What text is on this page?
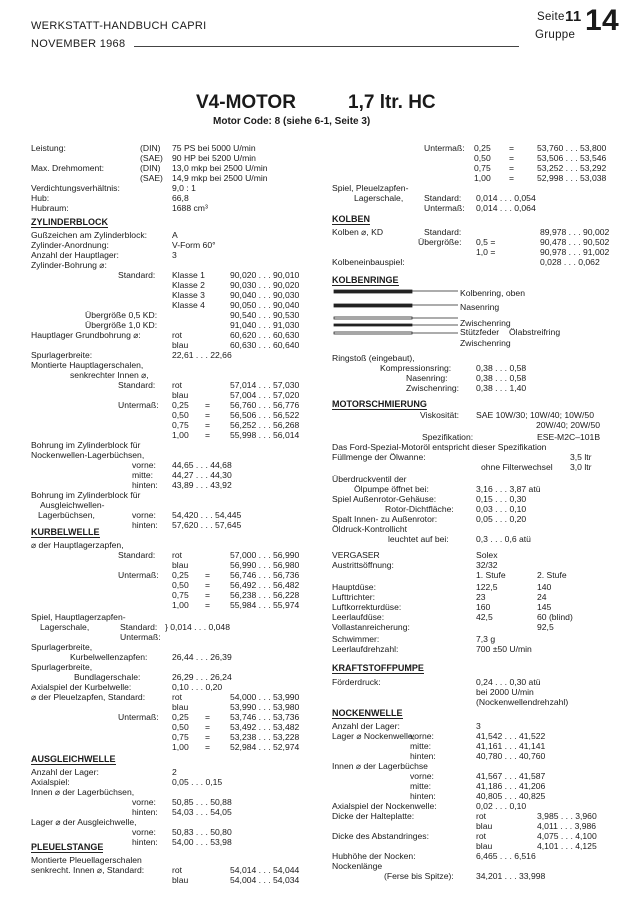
WERKSTATT-HANDBUCH CAPRI
NOVEMBER 1968
Seite 11
Gruppe 14
V4-MOTOR	1,7 ltr. HC
Motor Code: 8 (siehe 6-1, Seite 3)
Leistung:	(DIN) 75 PS bei 5000 U/min
(SAE) 90 HP bei 5200 U/min
Max. Drehmoment:	(DIN) 13,0 mkp bei 2500 U/min
(SAE) 14,9 mkp bei 2500 U/min
Verdichtungsverhältnis:	9,0 : 1
Hub:	66,8
Hubraum:	1688 cm³
Gußzeichen am Zylinderblock:	A
Zylinder-Anordnung:	V-Form 60°
Anzahl der Hauptlager:	3
Zylinder-Bohrung ⌀:
Standard: Klasse 1	90,020 . . . 90,010
Klasse 2	90,030 . . . 90,020
Klasse 3	90,040 . . . 90,030
Klasse 4	90,050 . . . 90,040
Übergröße 0,5 KD:	90,540 . . . 90,530
Übergröße 1,0 KD:	91,040 . . . 91,030
Hauptlager Grundbohrung ⌀:	rot	60,620 . . . 60,630
blau	60,630 . . . 60,640
Spurlagerbreite:	22,61 . . . 22,66
Montierte Hauptlagerschalen,
senkrechter Innen ⌀,
Standard: rot	57,014 . . . 57,030
blau	57,004 . . . 57,020
Untermaß: 0,25 = 56,760 . . . 56,776
0,50 = 56,506 . . . 56,522
0,75 = 56,252 . . . 56,268
1,00 = 55,998 . . . 56,014
Bohrung im Zylinderblock für
Nockenwellen-Lagerbüchsen,
vorne: 44,65 . . . 44,68
mitte: 44,27 . . . 44,30
hinten: 43,89 . . . 43,92
Bohrung im Zylinderblock für
Ausgleichwellen-
Lagerbüchsen,	vorne: 54,420 . . . 54,445
hinten: 57,620 . . . 57,645
⌀ der Hauptlagerzapfen,
Standard: rot	57,000 . . . 56,990
blau	56,990 . . . 56,980
Untermaß: 0,25 = 56,746 . . . 56,736
0,50 = 56,492 . . . 56,482
0,75 = 56,238 . . . 56,228
1,00 = 55,984 . . . 55,974
Spiel, Hauptlagerzapfen-
Lagerschale,	Standard: } 0,014 . . . 0,048
Untermaß:
Spurlagerbreite,
Kurbelwellenzapfen:	26,44 . . . 26,39
Spurlagerbreite,
Bundlagerschale:	26,29 . . . 26,24
Axialspiel der Kurbelwelle:	0,10 . . . 0,20
⌀ der Pleuelzapfen, Standard:	rot	54,000 . . . 53,990
blau	53,990 . . . 53,980
Untermaß: 0,25 = 53,746 . . . 53,736
0,50 = 53,492 . . . 53,482
0,75 = 53,238 . . . 53,228
1,00 = 52,984 . . . 52,974
Anzahl der Lager:	2
Axialspiel:	0,05 . . . 0,15
Innen ⌀ der Lagerbüchsen,
vorne: 50,85 . . . 50,88
hinten: 54,03 . . . 54,05
Lager ⌀ der Ausgleichwelle,
vorne: 50,83 . . . 50,80
hinten: 54,00 . . . 53,98
Montierte Pleuellagerschalen
senkrecht. Innen ⌀, Standard:	rot	54,014 . . . 54,044
blau	54,004 . . . 54,034
Untermaß: 0,25 =	53,760 . . . 53,800
0,50 =	53,506 . . . 53,546
0,75 =	53,252 . . . 53,292
1,00 =	52,998 . . . 53,038
Spiel, Pleuelzapfen-
Lagerschale, Standard: 0,014 . . . 0,054
Untermaß: 0,014 . . . 0,064
Kolben ⌀, KD	Standard:	89,978 . . . 90,002
Übergröße: 0,5 =	90,478 . . . 90,502
1,0 =	90,978 . . . 91,002
Kolbeneinbauspiel:	0,028 . . . 0,062
Kolbenring, oben
Nasenring
Zwischenring
Stützfeder Ölabstreifring
Zwischenring
Ringstoß (eingebaut),
Kompressionsring:	0,38 . . . 0,58
Nasenring:	0,38 . . . 0,58
Zwischenring: 0,38 . . . 1,40
Viskosität: SAE 10W/30; 10W/40; 10W/50
20W/40; 20W/50
Spezifikation:	ESE-M2C–101B
Das Ford-Spezial-Motoröl entspricht dieser Spezifikation
Füllmenge der Ölwanne:	3,5 ltr
ohne Filterwechsel 3,0 ltr
Überdruckventil der
Ölpumpe öffnet bei:	3,16 . . . 3,87 atü
Spiel Außenrotor-Gehäuse:	0,15 . . . 0,30
Rotor-Dichtfläche:	0,03 . . . 0,10
Spalt Innen- zu Außenrotor:	0,05 . . . 0,20
Öldruck-Kontrollicht
leuchtet auf bei:	0,3 . . . 0,6 atü
VERGASER	Solex
Austrittsöffnung:	32/32
1. Stufe	2. Stufe
Hauptdüse:	122,5	140
Lufttrichter:	23	24
Luftkorrekturdüse:	160	145
Leerlaufdüse:	42,5	60 (blind)
Vollastanreicherung:	92,5
Schwimmer:	7,3 g
Leerlaufdrehzahl:	700 ±50 U/min
Förderdruck:	0,24 . . . 0,30 atü
bei 2000 U/min
(Nockenwellendrehzahl)
Anzahl der Lager:	3
Lager ⌀ Nockenwelle,
vorne:	41,542 . . . 41,522
mitte:	41,161 . . . 41,141
hinten:	40,780 . . . 40,760
Innen ⌀ der Lagerbüchse
vorne:	41,567 . . . 41,587
mitte:	41,186 . . . 41,206
hinten:	40,805 . . . 40,825
Axialspiel der Nockenwelle:	0,02 . . . 0,10
Dicke der Halteplatte:	rot	3,985 . . . 3,960
blau	4,011 . . . 3,986
Dicke des Abstandringes:	rot	4,075 . . . 4,100
blau	4,101 . . . 4,125
Hubhöhe der Nocken:	6,465 . . . 6,516
Nockenlänge
(Ferse bis Spitze):	34,201 . . . 33,998
ZYLINDERBLOCK
KURBELWELLE
AUSGLEICHWELLE
PLEUELSTANGE
KOLBEN
KOLBENRINGE
MOTORSCHMIERUNG
KRAFTSTOFFPUMPE
NOCKENWELLE
